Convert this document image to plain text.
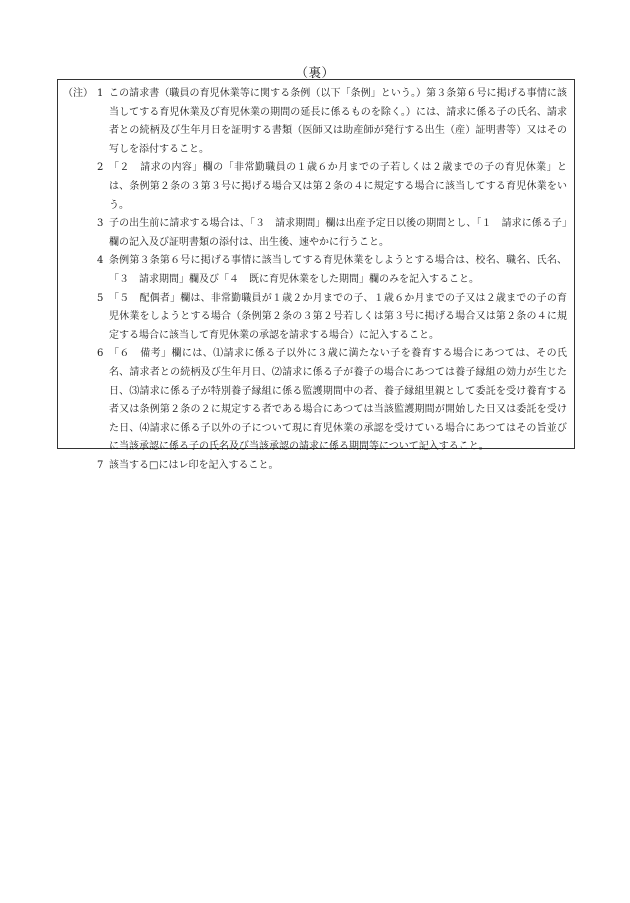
（裏）
（注） 1 この請求書（職員の育児休業等に関する条例（以下「条例」という。）第３条第６号に掲げる事情に該当してする育児休業及び育児休業の期間の延長に係るものを除く。）には、請求に係る子の氏名、請求者との続柄及び生年月日を証明する書類（医師又は助産師が発行する出生（産）証明書等）又はその写しを添付すること。

2 「２　請求の内容」欄の「非常勤職員の１歳６か月までの子若しくは２歳までの子の育児休業」とは、条例第２条の３第３号に掲げる場合又は第２条の４に規定する場合に該当してする育児休業をいう。

3 子の出生前に請求する場合は、「３　請求期間」欄は出産予定日以後の期間とし、「１　請求に係る子」欄の記入及び証明書類の添付は、出生後、速やかに行うこと。

4 条例第３条第６号に掲げる事情に該当してする育児休業をしようとする場合は、校名、職名、氏名、「３　請求期間」欄及び「４　既に育児休業をした期間」欄のみを記入すること。

5 「５　配偶者」欄は、非常勤職員が１歳２か月までの子、１歳６か月までの子又は２歳までの子の育児休業をしようとする場合（条例第２条の３第２号若しくは第３号に掲げる場合又は第２条の４に規定する場合に該当して育児休業の承認を請求する場合）に記入すること。

6 「６　備考」欄には、⑴請求に係る子以外に３歳に満たない子を養育する場合にあつては、その氏名、請求者との続柄及び生年月日、⑵請求に係る子が養子の場合にあつては養子縁組の効力が生じた日、⑶請求に係る子が特別養子縁組に係る監護期間中の者、養子縁組里親として委託を受け養育する者又は条例第２条の２に規定する者である場合にあつては当該監護期間が開始した日又は委託を受けた日、⑷請求に係る子以外の子について現に育児休業の承認を受けている場合にあつてはその旨並びに当該承認に係る子の氏名及び当該承認の請求に係る期間等について記入すること。

7 該当する□にはレ印を記入すること。
